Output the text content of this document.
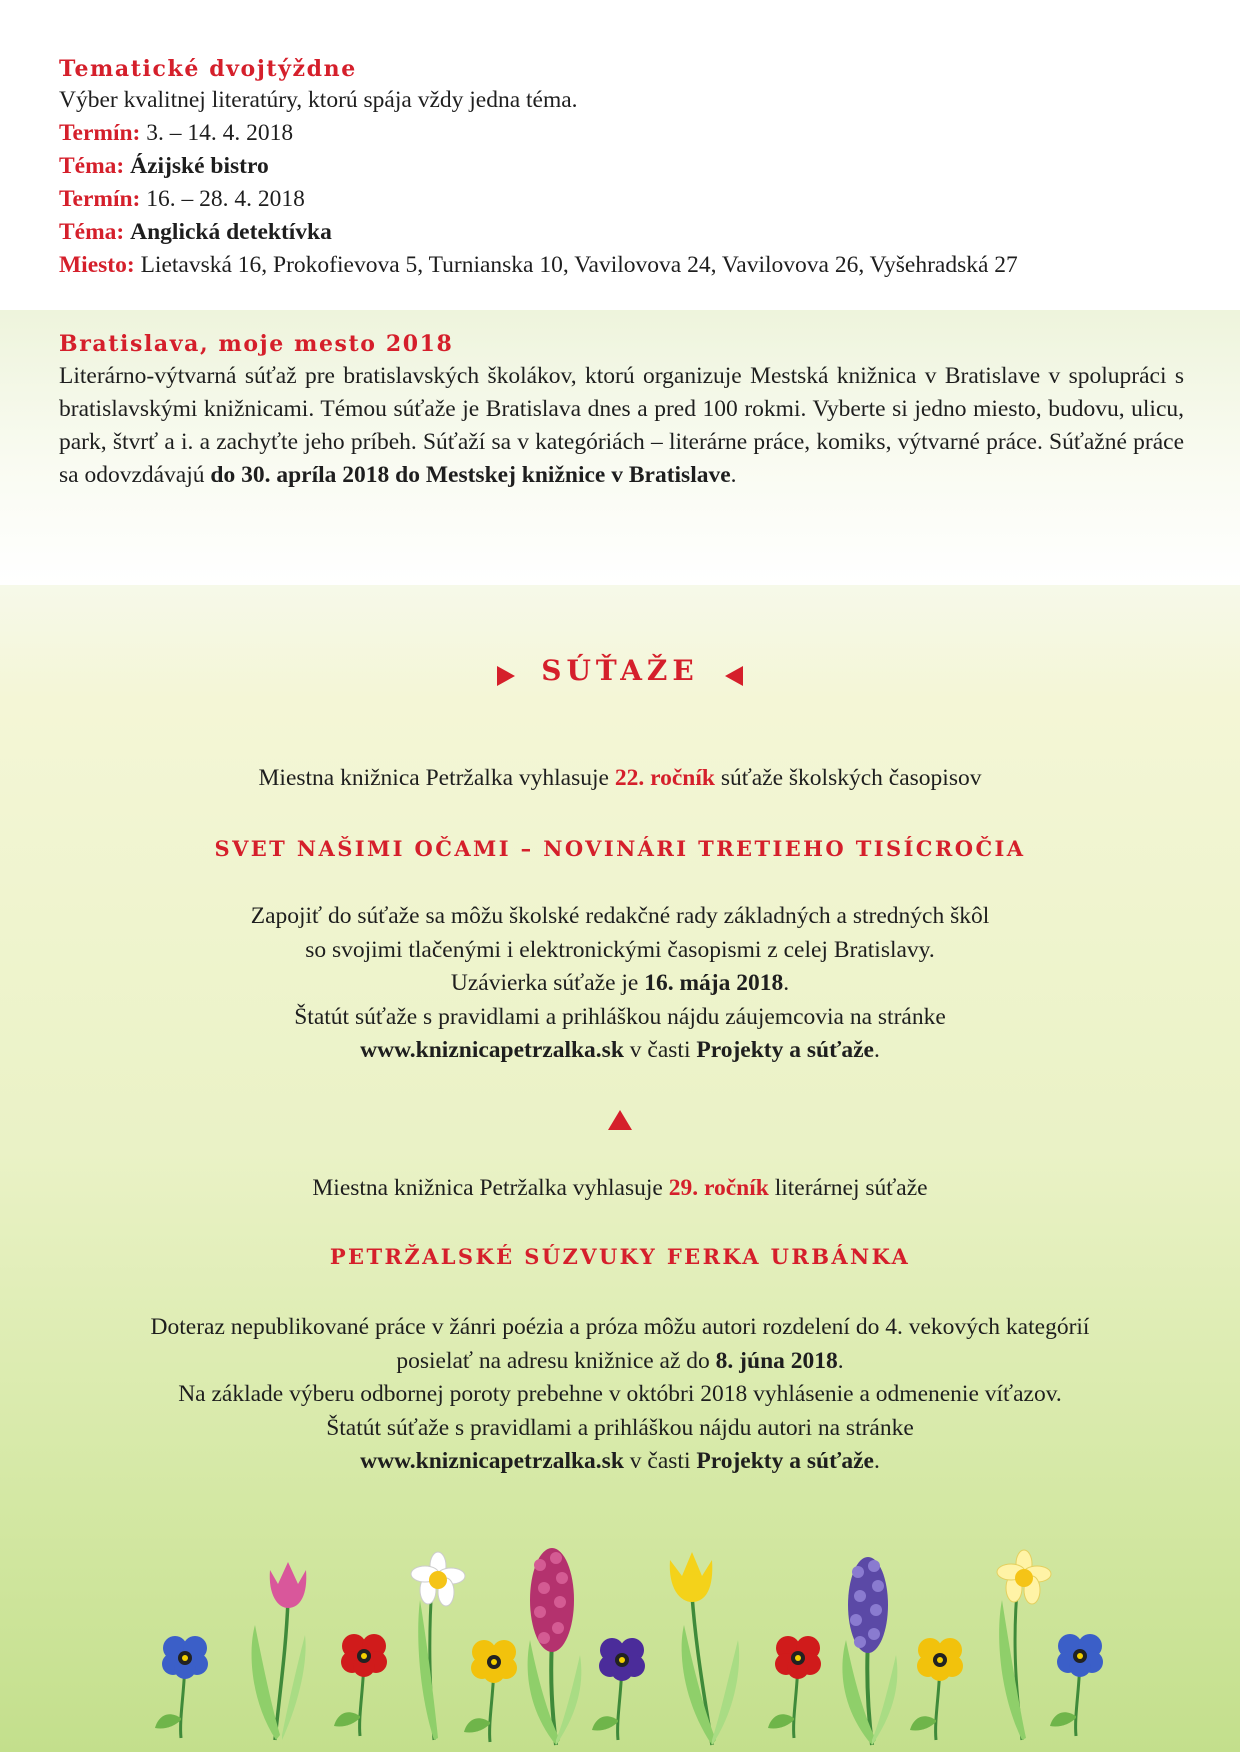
Tematické dvojtýždne
Výber kvalitnej literatúry, ktorú spája vždy jedna téma.
Termín: 3. – 14. 4. 2018
Téma: Ázijské bistro
Termín: 16. – 28. 4. 2018
Téma: Anglická detektívka
Miesto: Lietavská 16, Prokofievova 5, Turnianska 10, Vavilovova 24, Vavilovova 26, Vyšehradská 27
Bratislava, moje mesto 2018
Literárno-výtvarná súťaž pre bratislavských školákov, ktorú organizuje Mestská knižnica v Bratislave v spolupráci s bratislavskými knižnicami. Témou súťaže je Bratislava dnes a pred 100 rokmi. Vyberte si jedno miesto, budovu, ulicu, park, štvrť a i. a zachyťte jeho príbeh. Súťaží sa v kategóriách – literárne práce, komiks, výtvarné práce. Súťažné práce sa odovzdávajú do 30. apríla 2018 do Mestskej knižnice v Bratislave.
SÚŤAŽE
Miestna knižnica Petržalka vyhlasuje 22. ročník súťaže školských časopisov
SVET NAŠIMI OČAMI – NOVINÁRI TRETIEHO TISÍCROČIA
Zapojiť do súťaže sa môžu školské redakčné rady základných a stredných škôl
so svojimi tlačenými i elektronickými časopismi z celej Bratislavy.
Uzávierka súťaže je 16. mája 2018.
Štatút súťaže s pravidlami a prihláškou nájdu záujemcovia na stránke
www.kniznicapetrzalka.sk v časti Projekty a súťaže.
Miestna knižnica Petržalka vyhlasuje 29. ročník literárnej súťaže
PETRŽALSKÉ SÚZVUKY FERKA URBÁNKA
Doteraz nepublikované práce v žánri poézia a próza môžu autori rozdelení do 4. vekových kategórií
posielať na adresu knižnice až do 8. júna 2018.
Na základe výberu odbornej poroty prebehne v októbri 2018 vyhlásenie a odmenenie víťazov.
Štatút súťaže s pravidlami a prihláškou nájdu autori na stránke
www.kniznicapetrzalka.sk v časti Projekty a súťaže.
